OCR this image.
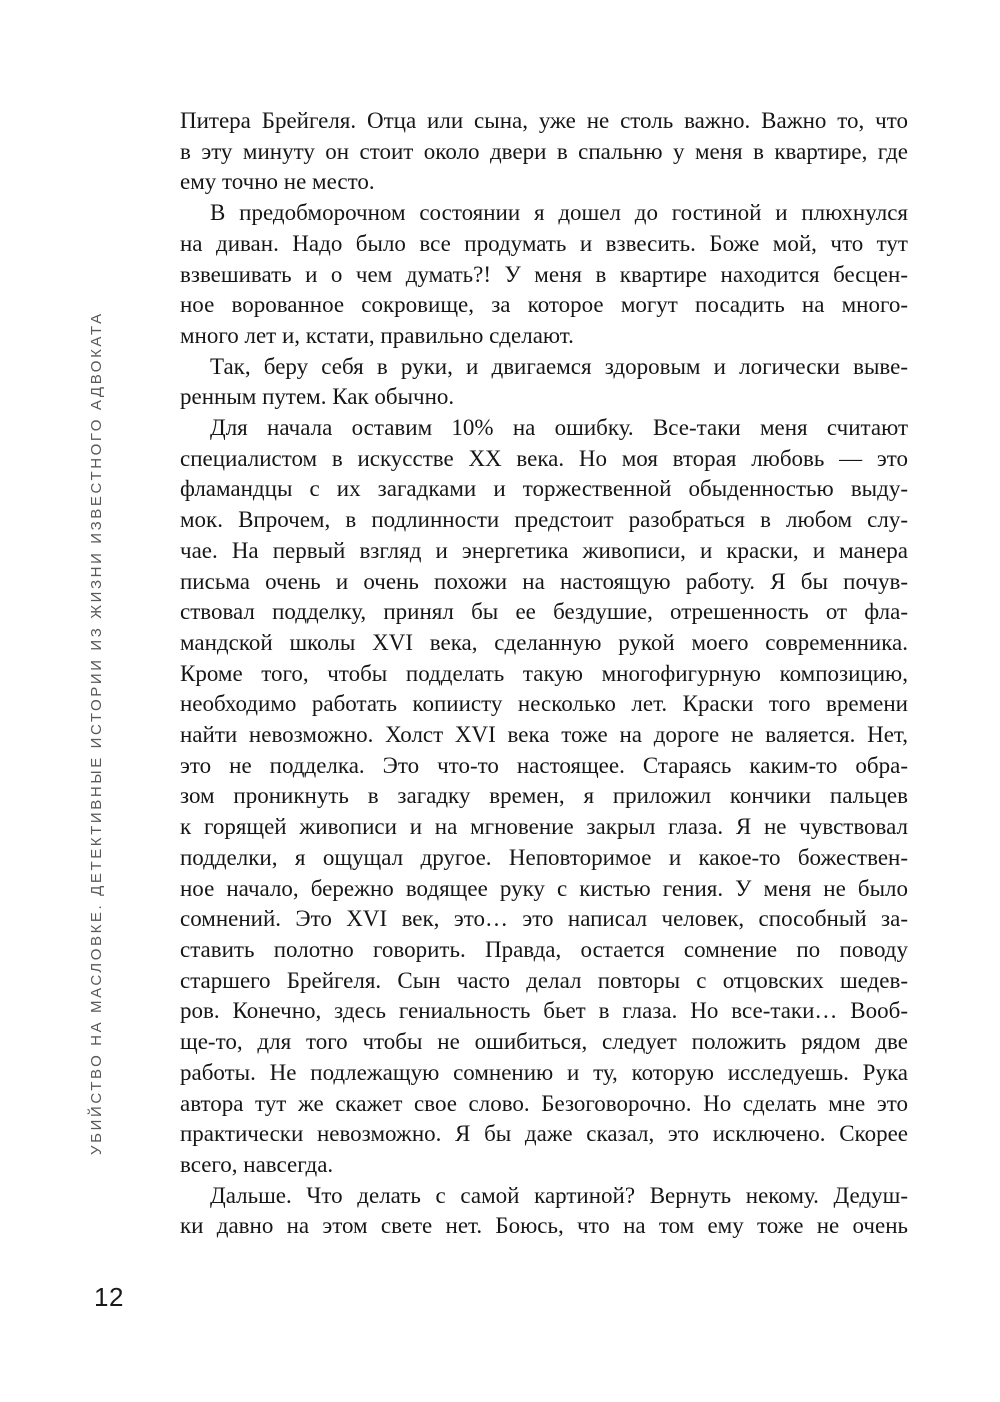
УБИЙСТВО НА МАСЛОВКЕ. ДЕТЕКТИВНЫЕ ИСТОРИИ ИЗ ЖИЗНИ ИЗВЕСТНОГО АДВОКАТА
Питера Брейгеля. Отца или сына, уже не столь важно. Важно то, что
в эту минуту он стоит около двери в спальню у меня в квартире, где
ему точно не место.
В предобморочном состоянии я дошел до гостиной и плюхнулся
на диван. Надо было все продумать и взвесить. Боже мой, что тут
взвешивать и о чем думать?! У меня в квартире находится бесцен-
ное ворованное сокровище, за которое могут посадить на много-
много лет и, кстати, правильно сделают.
Так, беру себя в руки, и двигаемся здоровым и логически выве-
ренным путем. Как обычно.
Для начала оставим 10% на ошибку. Все-таки меня считают
специалистом в искусстве XX века. Но моя вторая любовь — это
фламандцы с их загадками и торжественной обыденностью выду-
мок. Впрочем, в подлинности предстоит разобраться в любом слу-
чае. На первый взгляд и энергетика живописи, и краски, и манера
письма очень и очень похожи на настоящую работу. Я бы почув-
ствовал подделку, принял бы ее бездушие, отрешенность от фла-
мандской школы XVI века, сделанную рукой моего современника.
Кроме того, чтобы подделать такую многофигурную композицию,
необходимо работать копиисту несколько лет. Краски того времени
найти невозможно. Холст XVI века тоже на дороге не валяется. Нет,
это не подделка. Это что-то настоящее. Стараясь каким-то обра-
зом проникнуть в загадку времен, я приложил кончики пальцев
к горящей живописи и на мгновение закрыл глаза. Я не чувствовал
подделки, я ощущал другое. Неповторимое и какое-то божествен-
ное начало, бережно водящее руку с кистью гения. У меня не было
сомнений. Это XVI век, это… это написал человек, способный за-
ставить полотно говорить. Правда, остается сомнение по поводу
старшего Брейгеля. Сын часто делал повторы с отцовских шедев-
ров. Конечно, здесь гениальность бьет в глаза. Но все-таки… Вооб-
ще-то, для того чтобы не ошибиться, следует положить рядом две
работы. Не подлежащую сомнению и ту, которую исследуешь. Рука
автора тут же скажет свое слово. Безоговорочно. Но сделать мне это
практически невозможно. Я бы даже сказал, это исключено. Скорее
всего, навсегда.
Дальше. Что делать с самой картиной? Вернуть некому. Дедуш-
ки давно на этом свете нет. Боюсь, что на том ему тоже не очень
12
